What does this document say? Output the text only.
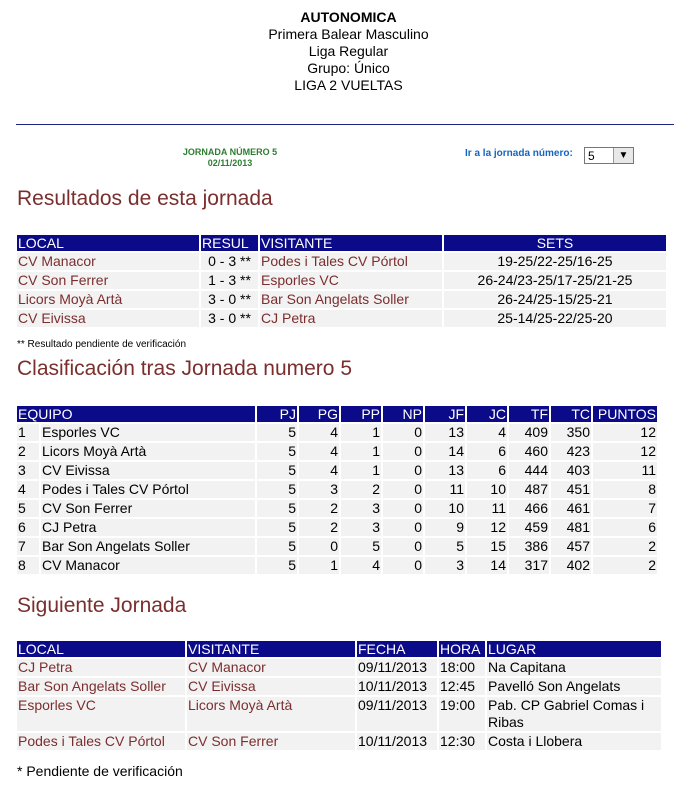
AUTONOMICA
Primera Balear Masculino
Liga Regular
Grupo: Único
LIGA 2 VUELTAS
JORNADA NÚMERO 5
02/11/2013
Ir a la jornada número: 5	▼
Resultados de esta jornada
LOCAL	RESUL	VISITANTE	SETS
CV Manacor	0 - 3 **	Podes i Tales CV Pórtol	19-25/22-25/16-25
CV Son Ferrer	1 - 3 **	Esporles VC	26-24/23-25/17-25/21-25
Licors Moyà Artà	3 - 0 **	Bar Son Angelats Soller	26-24/25-15/25-21
CV Eivissa	3 - 0 **	CJ Petra	25-14/25-22/25-20
** Resultado pendiente de verificación
Clasificación tras Jornada numero 5
EQUIPO		PJ	PG	PP	NP	JF	JC	TF	TC	PUNTOS
1	Esporles VC	5	4	1	0	13	4	409	350	12
2	Licors Moyà Artà	5	4	1	0	14	6	460	423	12
3	CV Eivissa	5	4	1	0	13	6	444	403	11
4	Podes i Tales CV Pórtol	5	3	2	0	11	10	487	451	8
5	CV Son Ferrer	5	2	3	0	10	11	466	461	7
6	CJ Petra	5	2	3	0	9	12	459	481	6
7	Bar Son Angelats Soller	5	0	5	0	5	15	386	457	2
8	CV Manacor	5	1	4	0	3	14	317	402	2
Siguiente Jornada
LOCAL	VISITANTE	FECHA	HORA	LUGAR
CJ Petra	CV Manacor	09/11/2013	18:00	Na Capitana
Bar Son Angelats Soller	CV Eivissa	10/11/2013	12:45	Pavelló Son Angelats
Esporles VC	Licors Moyà Artà	09/11/2013	19:00	Pab. CP Gabriel Comas i Ribas
Podes i Tales CV Pórtol	CV Son Ferrer	10/11/2013	12:30	Costa i Llobera
* Pendiente de verificación
